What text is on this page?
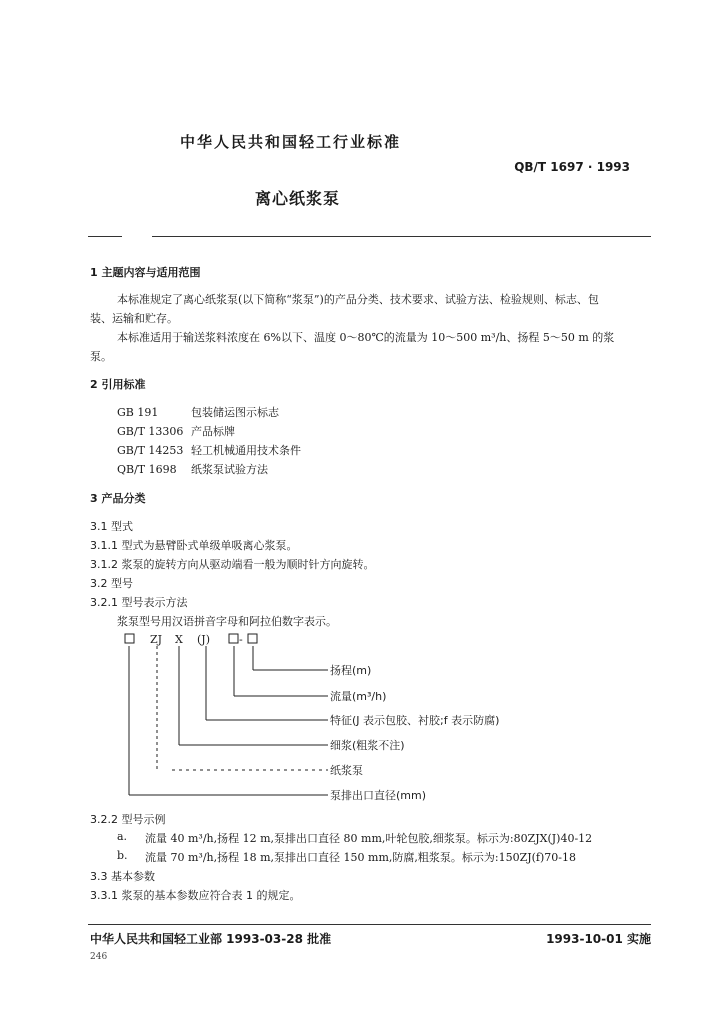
中华人民共和国轻工行业标准
QB/T 1697 · 1993
离心纸浆泵
1 主题内容与适用范围
本标准规定了离心纸浆泵(以下简称“浆泵”)的产品分类、技术要求、试验方法、检验规则、标志、包
装、运输和贮存。
本标准适用于输送浆料浓度在 6%以下、温度 0～80℃的流量为 10～500 m³/h、扬程 5～50 m 的浆
泵。
2 引用标准
GB 191	包装储运图示标志
GB/T 13306 产品标牌
GB/T 14253 轻工机械通用技术条件
QB/T 1698 纸浆泵试验方法
3 产品分类
3.1 型式
3.1.1 型式为悬臂卧式单级单吸离心浆泵。
3.1.2 浆泵的旋转方向从驱动端看一般为顺时针方向旋转。
3.2 型号
3.2.1 型号表示方法
浆泵型号用汉语拼音字母和阿拉伯数字表示。
ZJ X (J)	-
扬程(m)
流量(m³/h)
特征(J 表示包胶、衬胶;f 表示防腐)
细浆(粗浆不注)
纸浆泵
泵排出口直径(mm)
3.2.2 型号示例
a. 流量 40 m³/h,扬程 12 m,泵排出口直径 80 mm,叶轮包胶,细浆泵。标示为:80ZJX(J)40-12
b. 流量 70 m³/h,扬程 18 m,泵排出口直径 150 mm,防腐,粗浆泵。标示为:150ZJ(f)70-18
3.3 基本参数
3.3.1 浆泵的基本参数应符合表 1 的规定。
中华人民共和国轻工业部 1993-03-28 批准	1993-10-01 实施
246
